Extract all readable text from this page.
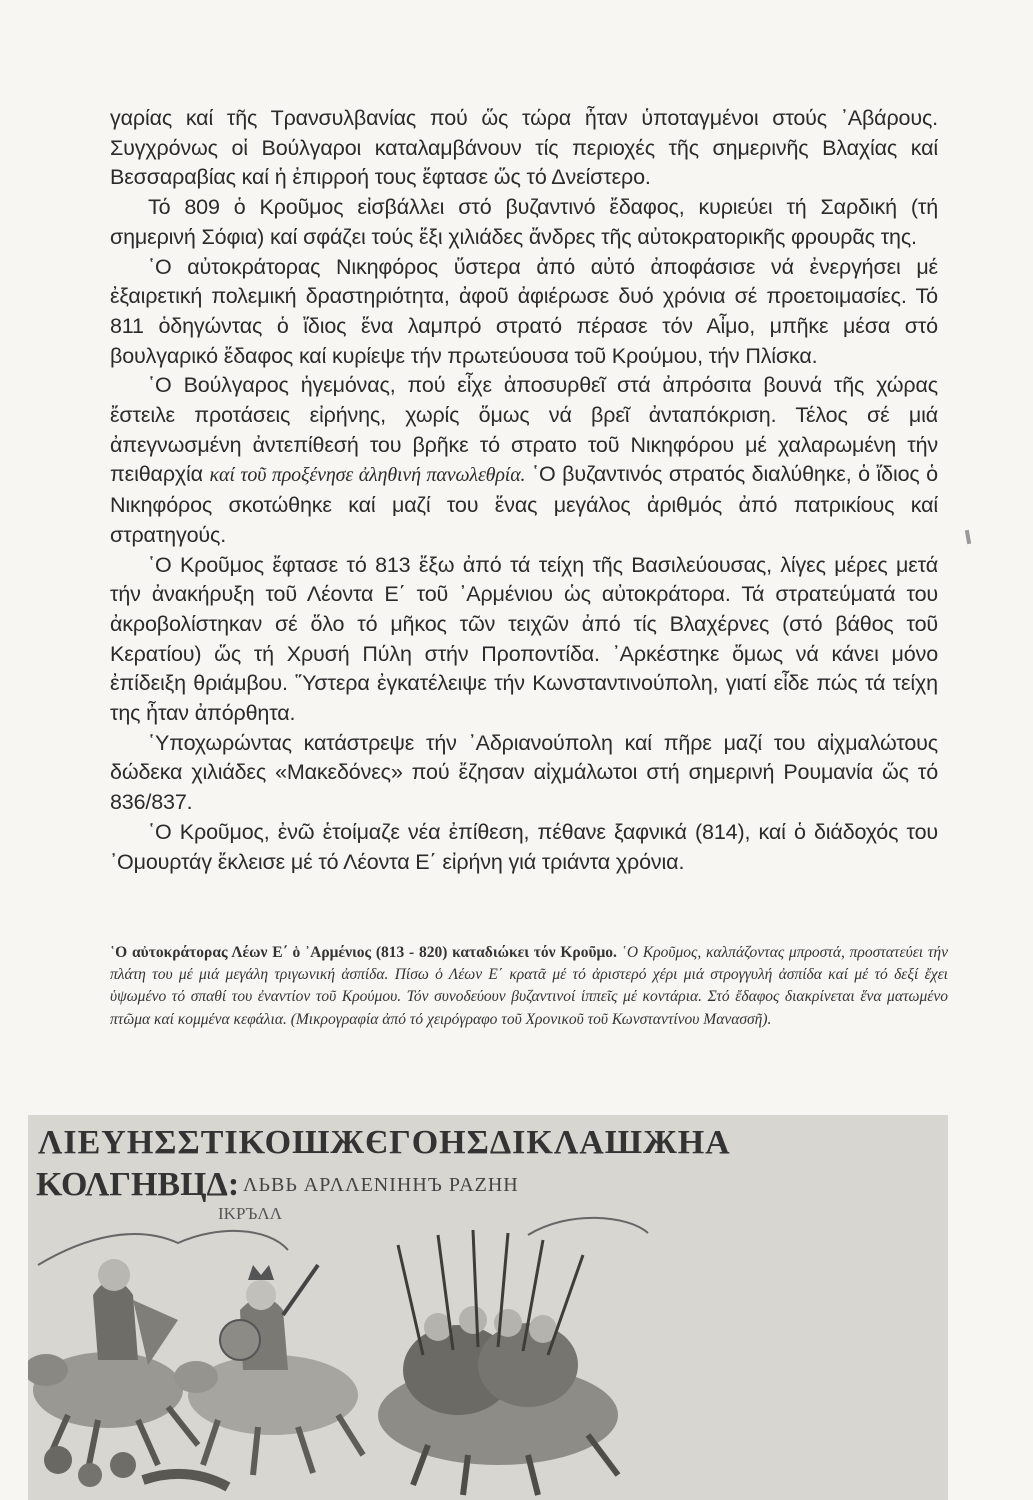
γαρίας καί τῆς Τρανσυλβανίας πού ὥς τώρα ἦταν ὑποταγμένοι στούς ᾿Αβάρους. Συγχρόνως οἱ Βούλγαροι καταλαμβάνουν τίς περιοχές τῆς σημερινῆς Βλαχίας καί Βεσσαραβίας καί ἡ ἐπιρροή τους ἔφτασε ὥς τό Δνείστερο.

Τό 809 ὁ Κροῦμος εἰσβάλλει στό βυζαντινό ἔδαφος, κυριεύει τή Σαρδική (τή σημερινή Σόφια) καί σφάζει τούς ἕξι χιλιάδες ἄνδρες τῆς αὐτοκρατορικῆς φρουρᾶς της.

῾Ο αὐτοκράτορας Νικηφόρος ὕστερα ἀπό αὐτό ἀποφάσισε νά ἐνεργήσει μέ ἐξαιρετική πολεμική δραστηριότητα, ἀφοῦ ἀφιέρωσε δυό χρόνια σέ προετοιμασίες. Τό 811 ὁδηγώντας ὁ ἴδιος ἕνα λαμπρό στρατό πέρασε τόν Αἶμο, μπῆκε μέσα στό βουλγαρικό ἔδαφος καί κυρίεψε τήν πρωτεύουσα τοῦ Κρούμου, τήν Πλίσκα.

῾Ο Βούλγαρος ἡγεμόνας, πού εἶχε ἀποσυρθεῖ στά ἀπρόσιτα βουνά τῆς χώρας ἔστειλε προτάσεις εἰρήνης, χωρίς ὅμως νά βρεῖ ἀνταπόκριση. Τέλος σέ μιά ἀπεγνωσμένη ἀντεπίθεσή του βρῆκε τό στρατο τοῦ Νικηφόρου μέ χαλαρωμένη τήν πειθαρχία καί τοῦ προξένησε ἀληθινή πανωλεθρία. ῾Ο βυζαντινός στρατός διαλύθηκε, ὁ ἴδιος ὁ Νικηφόρος σκοτώθηκε καί μαζί του ἕνας μεγάλος ἀριθμός ἀπό πατρικίους καί στρατηγούς.

῾Ο Κροῦμος ἔφτασε τό 813 ἔξω ἀπό τά τείχη τῆς Βασιλεύουσας, λίγες μέρες μετά τήν ἀνακήρυξη τοῦ Λέοντα Ε΄ τοῦ ᾿Αρμένιου ὡς αὐτοκράτορα. Τά στρατεύματά του ἀκροβολίστηκαν σέ ὅλο τό μῆκος τῶν τειχῶν ἀπό τίς Βλαχέρνες (στό βάθος τοῦ Κερατίου) ὥς τή Χρυσή Πύλη στήν Προποντίδα. ᾿Αρκέστηκε ὅμως νά κάνει μόνο ἐπίδειξη θριάμβου. ῞Υστερα ἐγκατέλειψε τήν Κωνσταντινούπολη, γιατί εἶδε πώς τά τείχη της ἦταν ἀπόρθητα.

῾Υποχωρώντας κατάστρεψε τήν ᾿Αδριανούπολη καί πῆρε μαζί του αἰχμαλώτους δώδεκα χιλιάδες «Μακεδόνες» πού ἔζησαν αἰχμάλωτοι στή σημερινή Ρουμανία ὥς τό 836/837.

῾Ο Κροῦμος, ἐνῶ ἑτοίμαζε νέα ἐπίθεση, πέθανε ξαφνικά (814), καί ὁ διάδοχός του ᾿Ομουρτάγ ἔκλεισε μέ τό Λέοντα Ε΄ εἰρήνη γιά τριάντα χρόνια.

῾Ο αὐτοκράτορας Λέων Ε΄ ὁ ᾿Αρμένιος (813 - 820) καταδιώκει τόν Κροῦμο. ῾Ο Κροῦμος, καλπάζοντας μπροστά, προστατεύει τήν πλάτη του μέ μιά μεγάλη τριγωνική ἀσπίδα. Πίσω ὁ Λέων Ε΄ κρατᾶ μέ τό ἀριστερό χέρι μιά στρογγυλή ἀσπίδα καί μέ τό δεξί ἔχει ὑψωμένο τό σπαθί του ἐναντίον τοῦ Κρούμου. Τόν συνοδεύουν βυζαντινοί ἱππεῖς μέ κοντάρια. Στό ἔδαφος διακρίνεται ἕνα ματωμένο πτῶμα καί κομμένα κεφάλια. (Μικρογραφία ἀπό τό χειρόγραφο τοῦ Χρονικοῦ τοῦ Κωνσταντίνου Μανασσῆ).
ΛΙΕΥΗΣΣΤΙΚΟШЖЄΓΟΗΣΔΙΚΛΑШЖΗΑ
ΚΟΛΓΗΒЦΔ: ΛЬВЬ ΑΡΛΛΕΝΙΗΗЪ ΡΑΖΗΗ
ΙΚΡЪΛΛ
